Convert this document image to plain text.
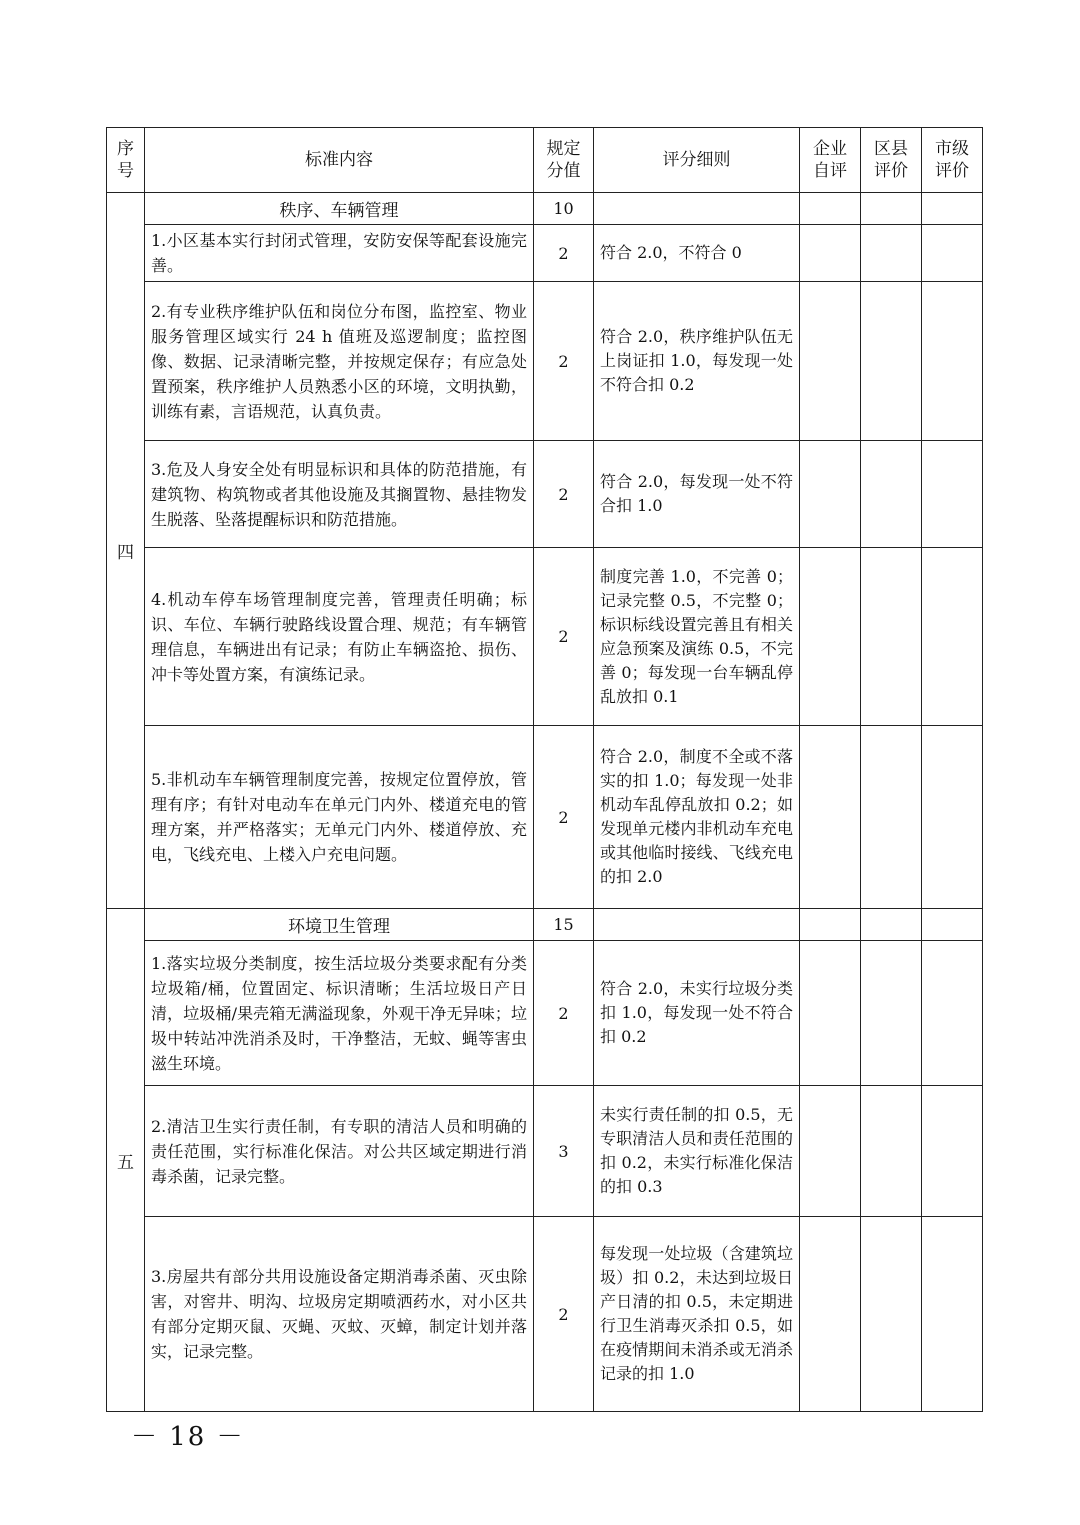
序号	标准内容	规定分值	评分细则	企业自评	区县评价	市级评价
四	秩序、车辆管理	10				
	1.小区基本实行封闭式管理，安防安保等配套设施完善。	2	符合 2.0，不符合 0			
	2.有专业秩序维护队伍和岗位分布图，监控室、物业服务管理区域实行 24 h 值班及巡逻制度；监控图像、数据、记录清晰完整，并按规定保存；有应急处置预案，秩序维护人员熟悉小区的环境，文明执勤，训练有素，言语规范，认真负责。	2	符合 2.0，秩序维护队伍无上岗证扣 1.0，每发现一处不符合扣 0.2			
	3.危及人身安全处有明显标识和具体的防范措施，有建筑物、构筑物或者其他设施及其搁置物、悬挂物发生脱落、坠落提醒标识和防范措施。	2	符合 2.0，每发现一处不符合扣 1.0			
	4.机动车停车场管理制度完善，管理责任明确；标识、车位、车辆行驶路线设置合理、规范；有车辆管理信息，车辆进出有记录；有防止车辆盗抢、损伤、冲卡等处置方案，有演练记录。	2	制度完善 1.0，不完善 0；记录完整 0.5，不完整 0；标识标线设置完善且有相关应急预案及演练 0.5，不完善 0；每发现一台车辆乱停乱放扣 0.1			
	5.非机动车车辆管理制度完善，按规定位置停放，管理有序；有针对电动车在单元门内外、楼道充电的管理方案，并严格落实；无单元门内外、楼道停放、充电，飞线充电、上楼入户充电问题。	2	符合 2.0，制度不全或不落实的扣 1.0；每发现一处非机动车乱停乱放扣 0.2；如发现单元楼内非机动车充电或其他临时接线、飞线充电的扣 2.0			
五	环境卫生管理	15				
	1.落实垃圾分类制度，按生活垃圾分类要求配有分类垃圾箱/桶，位置固定、标识清晰；生活垃圾日产日清，垃圾桶/果壳箱无满溢现象，外观干净无异味；垃圾中转站冲洗消杀及时，干净整洁，无蚊、蝇等害虫滋生环境。	2	符合 2.0，未实行垃圾分类扣 1.0，每发现一处不符合扣 0.2			
	2.清洁卫生实行责任制，有专职的清洁人员和明确的责任范围，实行标准化保洁。对公共区域定期进行消毒杀菌，记录完整。	3	未实行责任制的扣 0.5，无专职清洁人员和责任范围的扣 0.2，未实行标准化保洁的扣 0.3			
	3.房屋共有部分共用设施设备定期消毒杀菌、灭虫除害，对窖井、明沟、垃圾房定期喷洒药水，对小区共有部分定期灭鼠、灭蝇、灭蚊、灭蟑，制定计划并落实，记录完整。	2	每发现一处垃圾（含建筑垃圾）扣 0.2，未达到垃圾日产日清的扣 0.5，未定期进行卫生消毒灭杀扣 0.5，如在疫情期间未消杀或无消杀记录的扣 1.0			
－ 18 －
